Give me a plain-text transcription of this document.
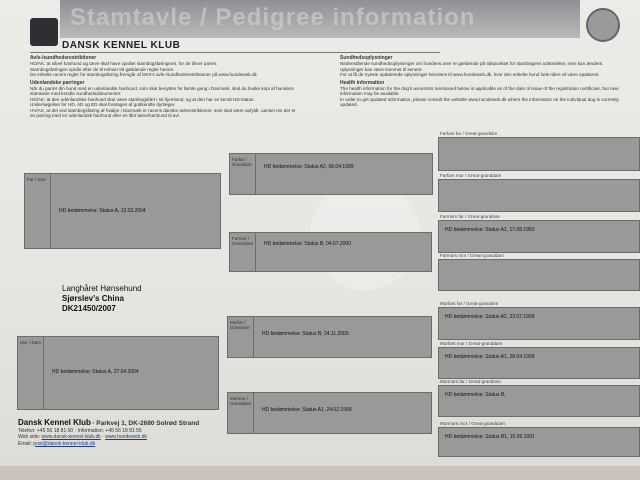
Stamtavle / Pedigree information
DANSK KENNEL KLUB
Avls-/sundhedsrestriktioner
HD/AK: at såvel hanhund og tæve skal have opnået stambogsføringsret, for de bliver parret.
Stambogsføringen opnås efter de til enhver tid gældende regler herom.
De enkelte racers regler for stambogsføring fremgår af DKK's avls-/sundhedsrestriktioner på www.hundeweb.dk
Udenlandske parringer
Når du parrer din hund med en udenlandsk hanhund, som skal benyttes for første gang i Danmark, skal du huske kopi af hundens stamtavle med kendte sundhedsdokumenter.
HD/AK: at den udenlandske hanhund skal være stambogsført i sit hjemland, og at den har en kendt HD-status.
Undersøgelser for HD, AD og ED skal foretages af godkendte dyrlæger.
HV/AK, at det ved stambogsføring af hvalpe i Danmark er racens danske avlsrestriktioner, som skal være opfyldt, uanset om der er en parring med en udenlandsk hanhund eller en lånt tæve/hanhund til avl.
Sundhedsoplysninger
Nedenstående sundhedsoplysninger om hundens aner er gældende på tidspunktet for stambogens udstedelse, men kan ændres.
oplysninger kan være kommet til senere.
For at få de nyeste opdaterede oplysninger henvises til www.hundeweb.dk, hvor den enkelte hund hele tiden vil være opdateret.
Health information
The health information for the dog's ancestors mentioned below is applicable as of the date of issue of the registration certificate, but new information may be available.
In order to get updated information, please consult the website www.hundeweb.dk where the information on the individual dog is currently updated.
Far / Sire
HD bedømmelse: Status A, 12.03.2004
Mor / Dam
HD bedømmelse: Status A, 27.04.2004
Langhåret Hønsehund
Sjørslev's China
DK21450/2007
Farfar / Grandsire	HD bedømmelse: Status A2, 06.04.1999
Farmor / Granddam	HD bedømmelse: Status B, 04.07.2000
Morfar / Grandsire
HD bedømmelse: Status B, 24.11.2000
Mormor / Granddam
HD bedømmelse: Status A1, 24.02.1999
Farfars far / Great-grandsire
Farfars mor / Great-granddam
Farmors far / Great-grandsire
HD bedømmelse: Status A1, 17.08.1993
Farmors mor / Great-granddam
Morfars far / Great-grandsire
HD bedømmelse: Status A2, 23.07.1999
Morfars mor / Great-granddam
HD bedømmelse: Status A1, 28.04.1999
Mormors far / Great-grandsire
HD bedømmelse: Status B,
Mormors mor / Great-granddam
HD bedømmelse: Status B1, 15.05.1991
Dansk Kennel Klub · Parkvej 1, DK-2680 Solrød Strand
Telefon: +45 56 18 81 00 · Information: +45 56 18 81 55
Web side: www.dansk-kennel-klub.dk · www.hundeweb.dk
Email: post@dansk-kennel-klub.dk
